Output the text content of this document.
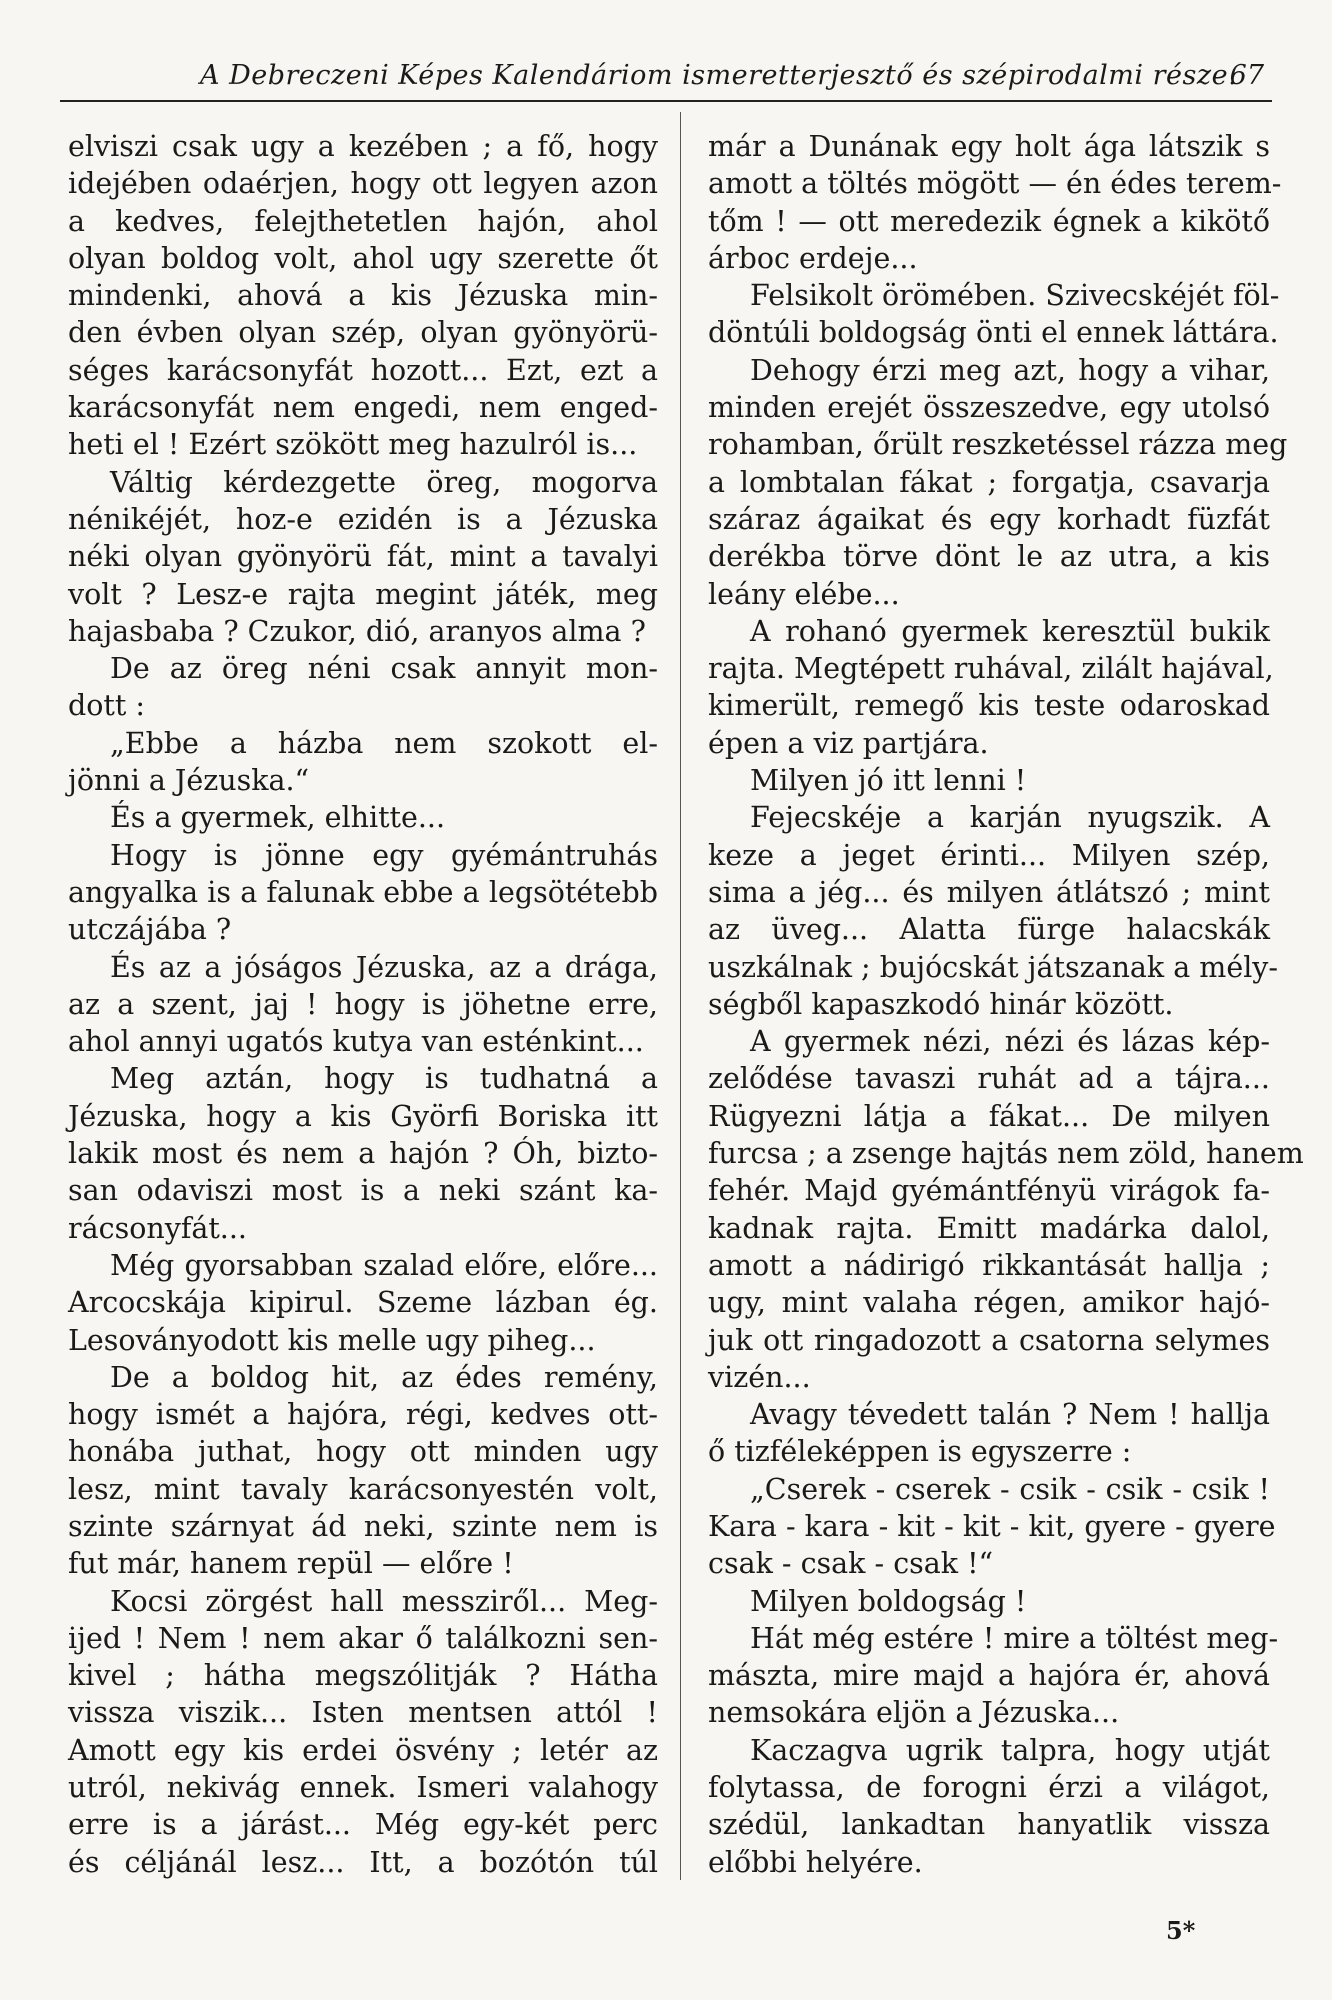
A Debreczeni Képes Kalendáriom ismeretterjesztő és szépirodalmi része.
67
elviszi csak ugy a kezében ; a fő, hogy
idejében odaérjen, hogy ott legyen azon
a kedves, felejthetetlen hajón, ahol
olyan boldog volt, ahol ugy szerette őt
mindenki, ahová a kis Jézuska min-
den évben olyan szép, olyan gyönyörü-
séges karácsonyfát hozott... Ezt, ezt a
karácsonyfát nem engedi, nem enged-
heti el ! Ezért szökött meg hazulról is...
Váltig kérdezgette öreg, mogorva
nénikéjét, hoz-e ezidén is a Jézuska
néki olyan gyönyörü fát, mint a tavalyi
volt ? Lesz-e rajta megint játék, meg
hajasbaba ? Czukor, dió, aranyos alma ?
De az öreg néni csak annyit mon-
dott :
„Ebbe a házba nem szokott el-
jönni a Jézuska.“
És a gyermek, elhitte...
Hogy is jönne egy gyémántruhás
angyalka is a falunak ebbe a legsötétebb
utczájába ?
És az a jóságos Jézuska, az a drága,
az a szent, jaj ! hogy is jöhetne erre,
ahol annyi ugatós kutya van esténkint...
Meg aztán, hogy is tudhatná a
Jézuska, hogy a kis Györfi Boriska itt
lakik most és nem a hajón ? Óh, bizto-
san odaviszi most is a neki szánt ka-
rácsonyfát...
Még gyorsabban szalad előre, előre...
Arcocskája kipirul. Szeme lázban ég.
Lesoványodott kis melle ugy piheg...
De a boldog hit, az édes remény,
hogy ismét a hajóra, régi, kedves ott-
honába juthat, hogy ott minden ugy
lesz, mint tavaly karácsonyestén volt,
szinte szárnyat ád neki, szinte nem is
fut már, hanem repül — előre !
Kocsi zörgést hall messziről... Meg-
ijed ! Nem ! nem akar ő találkozni sen-
kivel ; hátha megszólitják ? Hátha
vissza viszik... Isten mentsen attól !
Amott egy kis erdei ösvény ; letér az
utról, nekivág ennek. Ismeri valahogy
erre is a járást... Még egy-két perc
és céljánál lesz... Itt, a bozótón túl
már a Dunának egy holt ága látszik s
amott a töltés mögött — én édes terem-
tőm ! — ott meredezik égnek a kikötő
árboc erdeje...
Felsikolt örömében. Szivecskéjét föl-
döntúli boldogság önti el ennek láttára.
Dehogy érzi meg azt, hogy a vihar,
minden erejét összeszedve, egy utolsó
rohamban, őrült reszketéssel rázza meg
a lombtalan fákat ; forgatja, csavarja
száraz ágaikat és egy korhadt füzfát
derékba törve dönt le az utra, a kis
leány elébe...
A rohanó gyermek keresztül bukik
rajta. Megtépett ruhával, zilált hajával,
kimerült, remegő kis teste odaroskad
épen a viz partjára.
Milyen jó itt lenni !
Fejecskéje a karján nyugszik. A
keze a jeget érinti... Milyen szép,
sima a jég... és milyen átlátszó ; mint
az üveg... Alatta fürge halacskák
uszkálnak ; bujócskát játszanak a mély-
ségből kapaszkodó hinár között.
A gyermek nézi, nézi és lázas kép-
zelődése tavaszi ruhát ad a tájra...
Rügyezni látja a fákat... De milyen
furcsa ; a zsenge hajtás nem zöld, hanem
fehér. Majd gyémántfényü virágok fa-
kadnak rajta. Emitt madárka dalol,
amott a nádirigó rikkantását hallja ;
ugy, mint valaha régen, amikor hajó-
juk ott ringadozott a csatorna selymes
vizén...
Avagy tévedett talán ? Nem ! hallja
ő tizféleképpen is egyszerre :
„Cserek - cserek - csik - csik - csik !
Kara - kara - kit - kit - kit, gyere - gyere
csak - csak - csak !“
Milyen boldogság !
Hát még estére ! mire a töltést meg-
mászta, mire majd a hajóra ér, ahová
nemsokára eljön a Jézuska...
Kaczagva ugrik talpra, hogy utját
folytassa, de forogni érzi a világot,
szédül, lankadtan hanyatlik vissza
előbbi helyére.
5*
